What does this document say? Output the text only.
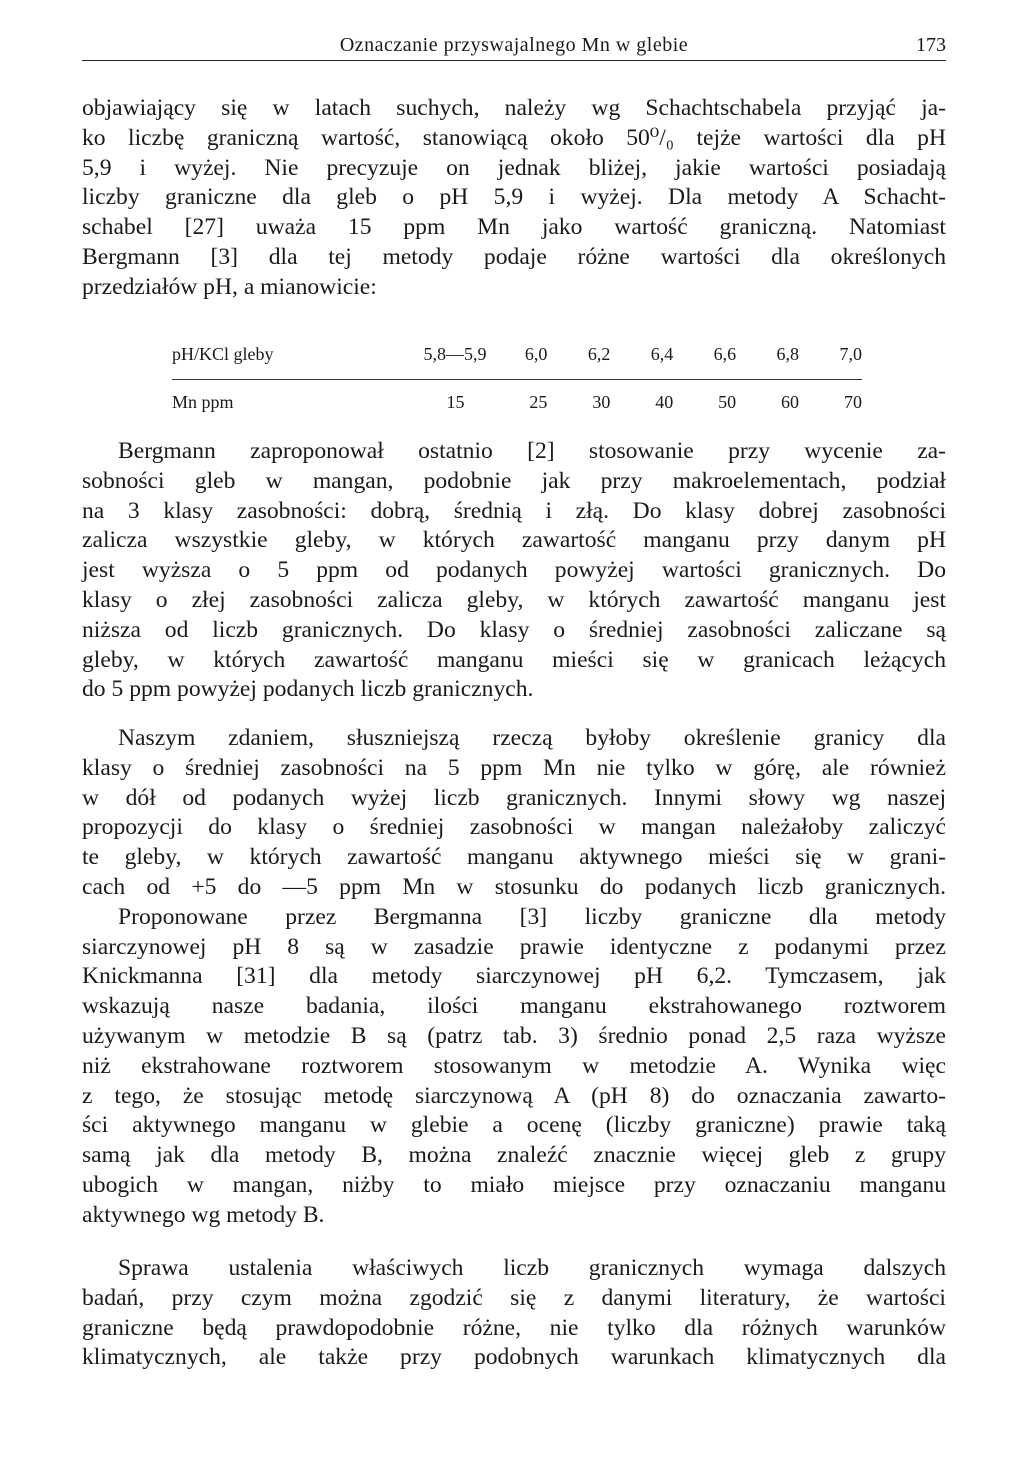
Oznaczanie przyswajalnego Mn w glebie	173
objawiający się w latach suchych, należy wg Schachtschabela przyjąć ja-
ko liczbę graniczną wartość, stanowiącą około 50⁰/₀ tejże wartości dla pH
5,9 i wyżej. Nie precyzuje on jednak bliżej, jakie wartości posiadają
liczby graniczne dla gleb o pH 5,9 i wyżej. Dla metody A Schacht-
schabel [27] uważa 15 ppm Mn jako wartość graniczną. Natomiast
Bergmann [3] dla tej metody podaje różne wartości dla określonych
przedziałów pH, a mianowicie:
pH/KCl gleby	5,8—5,9	6,0	6,2	6,4	6,6	6,8	7,0
Mn ppm	15	25	30	40	50	60	70
Bergmann zaproponował ostatnio [2] stosowanie przy wycenie za-
sobności gleb w mangan, podobnie jak przy makroelementach, podział
na 3 klasy zasobności: dobrą, średnią i złą. Do klasy dobrej zasobności
zalicza wszystkie gleby, w których zawartość manganu przy danym pH
jest wyższa o 5 ppm od podanych powyżej wartości granicznych. Do
klasy o złej zasobności zalicza gleby, w których zawartość manganu jest
niższa od liczb granicznych. Do klasy o średniej zasobności zaliczane są
gleby, w których zawartość manganu mieści się w granicach leżących
do 5 ppm powyżej podanych liczb granicznych.
Naszym zdaniem, słuszniejszą rzeczą byłoby określenie granicy dla
klasy o średniej zasobności na 5 ppm Mn nie tylko w górę, ale również
w dół od podanych wyżej liczb granicznych. Innymi słowy wg naszej
propozycji do klasy o średniej zasobności w mangan należałoby zaliczyć
te gleby, w których zawartość manganu aktywnego mieści się w grani-
cach od +5 do —5 ppm Mn w stosunku do podanych liczb granicznych.
Proponowane przez Bergmanna [3] liczby graniczne dla metody
siarczynowej pH 8 są w zasadzie prawie identyczne z podanymi przez
Knickmanna [31] dla metody siarczynowej pH 6,2. Tymczasem, jak
wskazują nasze badania, ilości manganu ekstrahowanego roztworem
używanym w metodzie B są (patrz tab. 3) średnio ponad 2,5 raza wyższe
niż ekstrahowane roztworem stosowanym w metodzie A. Wynika więc
z tego, że stosując metodę siarczynową A (pH 8) do oznaczania zawarto-
ści aktywnego manganu w glebie a ocenę (liczby graniczne) prawie taką
samą jak dla metody B, można znaleźć znacznie więcej gleb z grupy
ubogich w mangan, niżby to miało miejsce przy oznaczaniu manganu
aktywnego wg metody B.
Sprawa ustalenia właściwych liczb granicznych wymaga dalszych
badań, przy czym można zgodzić się z danymi literatury, że wartości
graniczne będą prawdopodobnie różne, nie tylko dla różnych warunków
klimatycznych, ale także przy podobnych warunkach klimatycznych dla
